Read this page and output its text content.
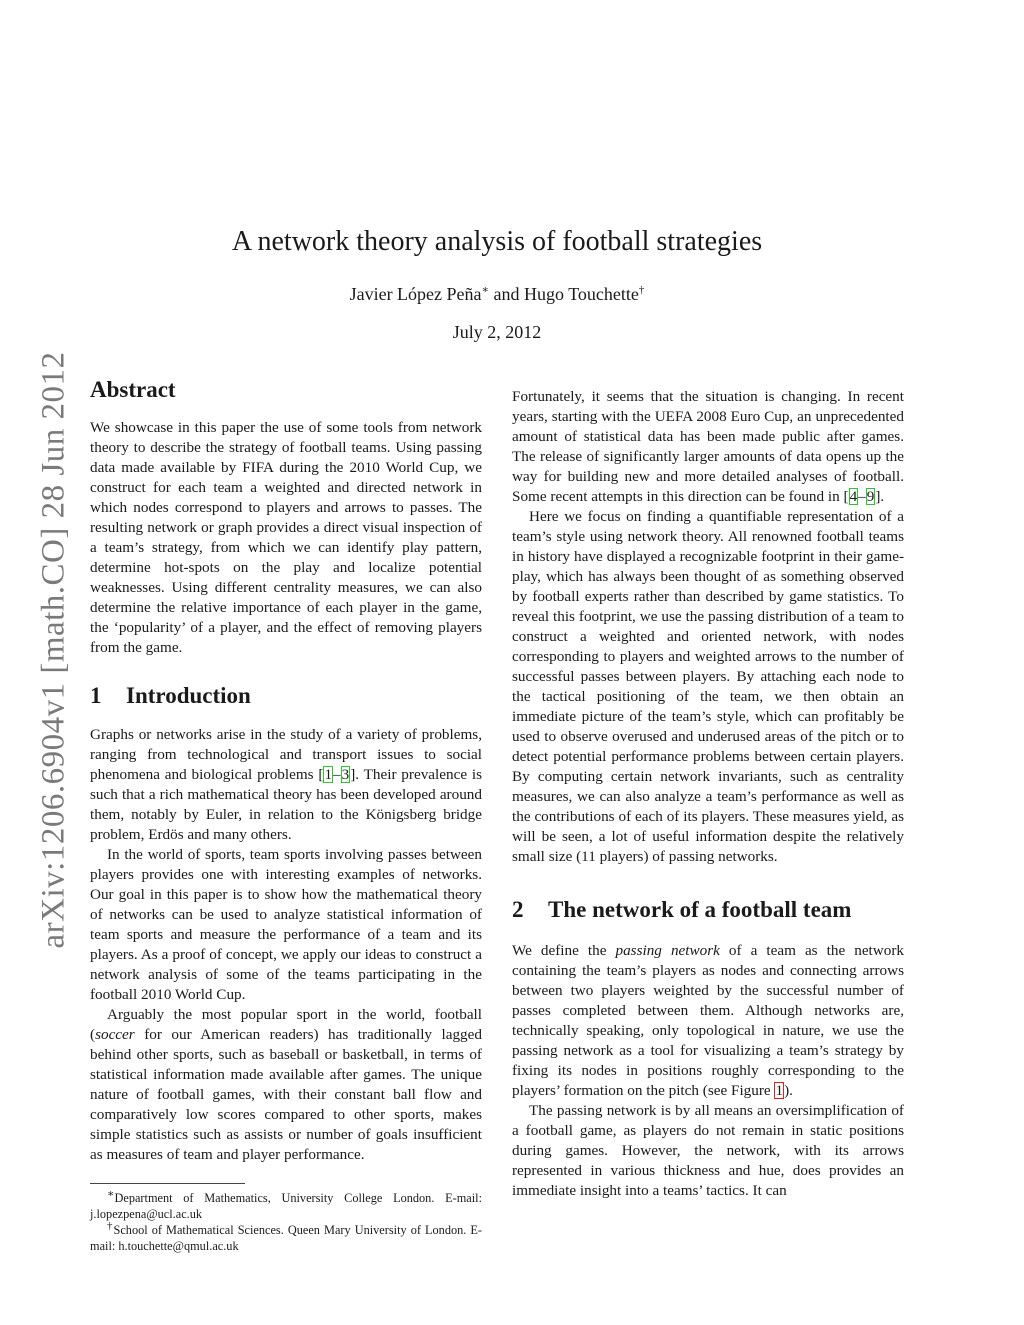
arXiv:1206.6904v1 [math.CO] 28 Jun 2012
A network theory analysis of football strategies
Javier López Peña∗ and Hugo Touchette†
July 2, 2012
Abstract

We showcase in this paper the use of some tools from network theory to describe the strategy of football teams. Using passing data made available by FIFA during the 2010 World Cup, we construct for each team a weighted and directed network in which nodes correspond to players and arrows to passes. The resulting network or graph provides a direct visual inspection of a team’s strategy, from which we can identify play pattern, determine hot-spots on the play and localize potential weaknesses. Using different centrality measures, we can also determine the relative importance of each player in the game, the ‘popularity’ of a player, and the effect of removing players from the game.

1 Introduction

Graphs or networks arise in the study of a variety of problems, ranging from technological and transport issues to social phenomena and biological problems [1–3]. Their prevalence is such that a rich mathematical theory has been developed around them, notably by Euler, in relation to the Königsberg bridge problem, Erdös and many others.

In the world of sports, team sports involving passes between players provides one with interesting examples of networks. Our goal in this paper is to show how the mathematical theory of networks can be used to analyze statistical information of team sports and measure the performance of a team and its players. As a proof of concept, we apply our ideas to construct a network analysis of some of the teams participating in the football 2010 World Cup.

Arguably the most popular sport in the world, football (soccer for our American readers) has traditionally lagged behind other sports, such as baseball or basketball, in terms of statistical information made available after games. The unique nature of football games, with their constant ball flow and comparatively low scores compared to other sports, makes simple statistics such as assists or number of goals insufficient as measures of team and player performance.

∗Department of Mathematics, University College London. E-mail: j.lopezpena@ucl.ac.uk

†School of Mathematical Sciences. Queen Mary University of London. E-mail: h.touchette@qmul.ac.uk

Fortunately, it seems that the situation is changing. In recent years, starting with the UEFA 2008 Euro Cup, an unprecedented amount of statistical data has been made public after games. The release of significantly larger amounts of data opens up the way for building new and more detailed analyses of football. Some recent attempts in this direction can be found in [4–9].

Here we focus on finding a quantifiable representation of a team’s style using network theory. All renowned football teams in history have displayed a recognizable footprint in their game-play, which has always been thought of as something observed by football experts rather than described by game statistics. To reveal this footprint, we use the passing distribution of a team to construct a weighted and oriented network, with nodes corresponding to players and weighted arrows to the number of successful passes between players. By attaching each node to the tactical positioning of the team, we then obtain an immediate picture of the team’s style, which can profitably be used to observe overused and underused areas of the pitch or to detect potential performance problems between certain players. By computing certain network invariants, such as centrality measures, we can also analyze a team’s performance as well as the contributions of each of its players. These measures yield, as will be seen, a lot of useful information despite the relatively small size (11 players) of passing networks.

2 The network of a football team

We define the passing network of a team as the network containing the team’s players as nodes and connecting arrows between two players weighted by the successful number of passes completed between them. Although networks are, technically speaking, only topological in nature, we use the passing network as a tool for visualizing a team’s strategy by fixing its nodes in positions roughly corresponding to the players’ formation on the pitch (see Figure 1).

The passing network is by all means an oversimplification of a football game, as players do not remain in static positions during games. However, the network, with its arrows represented in various thickness and hue, does provides an immediate insight into a teams’ tactics. It can
